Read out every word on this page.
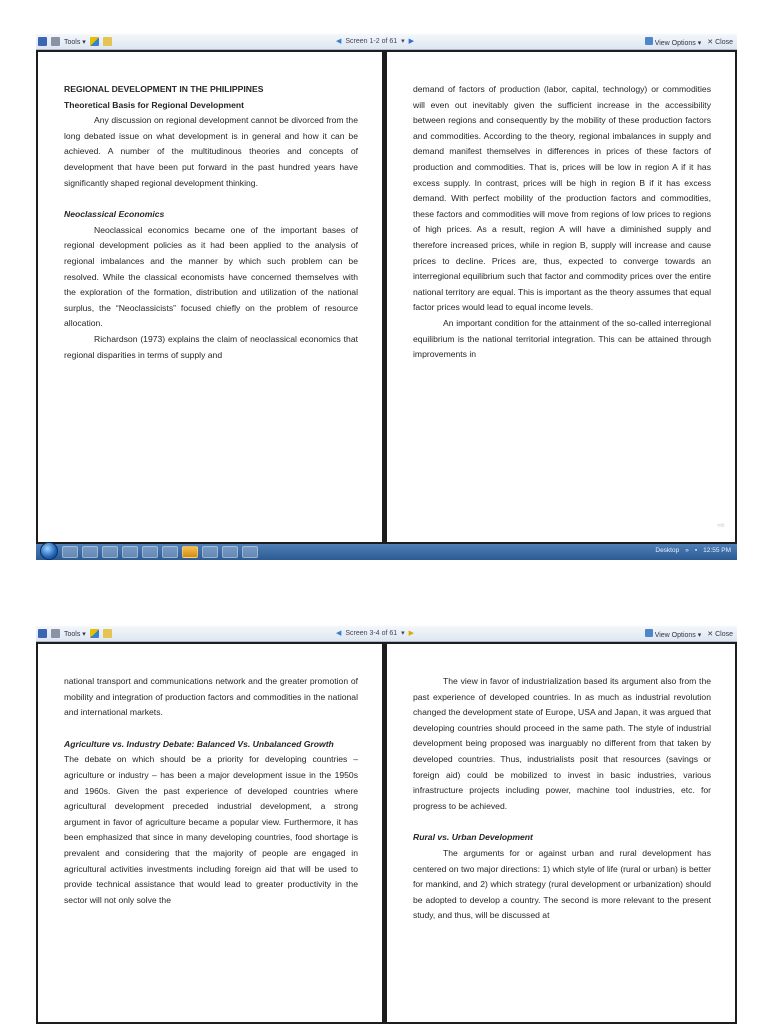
Tools ▾	◀ Screen 1-2 of 61 ▾ ▶	View Options ▾ ✕ Close

REGIONAL DEVELOPMENT IN THE PHILIPPINES

Theoretical Basis for Regional Development

Any discussion on regional development cannot be divorced from the long debated issue on what development is in general and how it can be achieved. A number of the multitudinous theories and concepts of development that have been put forward in the past hundred years have significantly shaped regional development thinking.

Neoclassical Economics

Neoclassical economics became one of the important bases of regional development policies as it had been applied to the analysis of regional imbalances and the manner by which such problem can be resolved. While the classical economists have concerned themselves with the exploration of the formation, distribution and utilization of the national surplus, the “Neoclassicists” focused chiefly on the problem of resource allocation.

Richardson (1973) explains the claim of neoclassical economics that regional disparities in terms of supply and

demand of factors of production (labor, capital, technology) or commodities will even out inevitably given the sufficient increase in the accessibility between regions and consequently by the mobility of these production factors and commodities. According to the theory, regional imbalances in supply and demand manifest themselves in differences in prices of these factors of production and commodities. That is, prices will be low in region A if it has excess supply. In contrast, prices will be high in region B if it has excess demand. With perfect mobility of the production factors and commodities, these factors and commodities will move from regions of low prices to regions of high prices. As a result, region A will have a diminished supply and therefore increased prices, while in region B, supply will increase and cause prices to decline. Prices are, thus, expected to converge towards an interregional equilibrium such that factor and commodity prices over the entire national territory are equal. This is important as the theory assumes that equal factor prices would lead to equal income levels.

An important condition for the attainment of the so-called interregional equilibrium is the national territorial integration. This can be attained through improvements in

⇨
Desktop » ▪ 12:55 PM
Tools ▾	◀ Screen 3-4 of 61 ▾ ▶	View Options ▾ ✕ Close

national transport and communications network and the greater promotion of mobility and integration of production factors and commodities in the national and international markets.

Agriculture vs. Industry Debate: Balanced Vs. Unbalanced Growth

The debate on which should be a priority for developing countries – agriculture or industry – has been a major development issue in the 1950s and 1960s. Given the past experience of developed countries where agricultural development preceded industrial development, a strong argument in favor of agriculture became a popular view. Furthermore, it has been emphasized that since in many developing countries, food shortage is prevalent and considering that the majority of people are engaged in agricultural activities investments including foreign aid that will be used to provide technical assistance that would lead to greater productivity in the sector will not only solve the

The view in favor of industrialization based its argument also from the past experience of developed countries. In as much as industrial revolution changed the development state of Europe, USA and Japan, it was argued that developing countries should proceed in the same path. The style of industrial development being proposed was inarguably no different from that taken by developed countries. Thus, industrialists posit that resources (savings or foreign aid) could be mobilized to invest in basic industries, various infrastructure projects including power, machine tool industries, etc. for progress to be achieved.

Rural vs. Urban Development

The arguments for or against urban and rural development has centered on two major directions: 1) which style of life (rural or urban) is better for mankind, and 2) which strategy (rural development or urbanization) should be adopted to develop a country. The second is more relevant to the present study, and thus, will be discussed at
